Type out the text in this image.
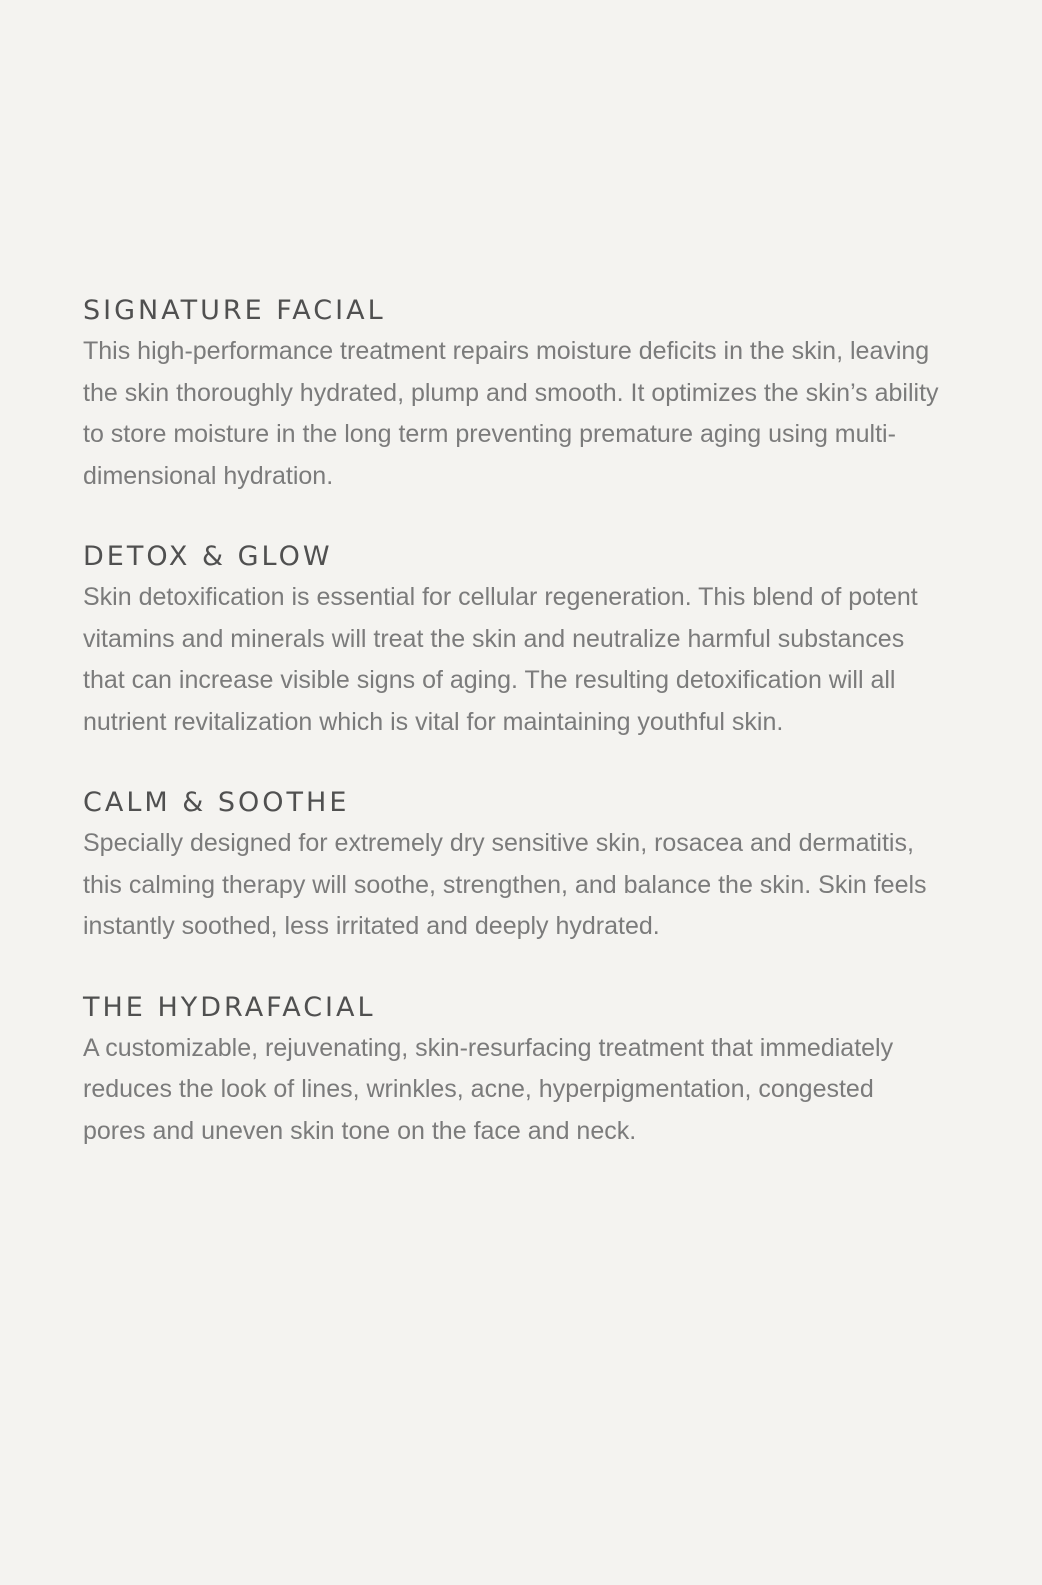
SIGNATURE FACIAL

This high-performance treatment repairs moisture deficits in the skin, leaving the skin thoroughly hydrated, plump and smooth. It optimizes the skin’s ability to store moisture in the long term preventing premature aging using multi-dimensional hydration.

DETOX & GLOW

Skin detoxification is essential for cellular regeneration. This blend of potent vitamins and minerals will treat the skin and neutralize harmful substances that can increase visible signs of aging. The resulting detoxification will all nutrient revitalization which is vital for maintaining youthful skin.

CALM & SOOTHE

Specially designed for extremely dry sensitive skin, rosacea and dermatitis, this calming therapy will soothe, strengthen, and balance the skin. Skin feels instantly soothed, less irritated and deeply hydrated.

THE HYDRAFACIAL

A customizable, rejuvenating, skin-resurfacing treatment that immediately reduces the look of lines, wrinkles, acne, hyperpigmentation, congested pores and uneven skin tone on the face and neck.
